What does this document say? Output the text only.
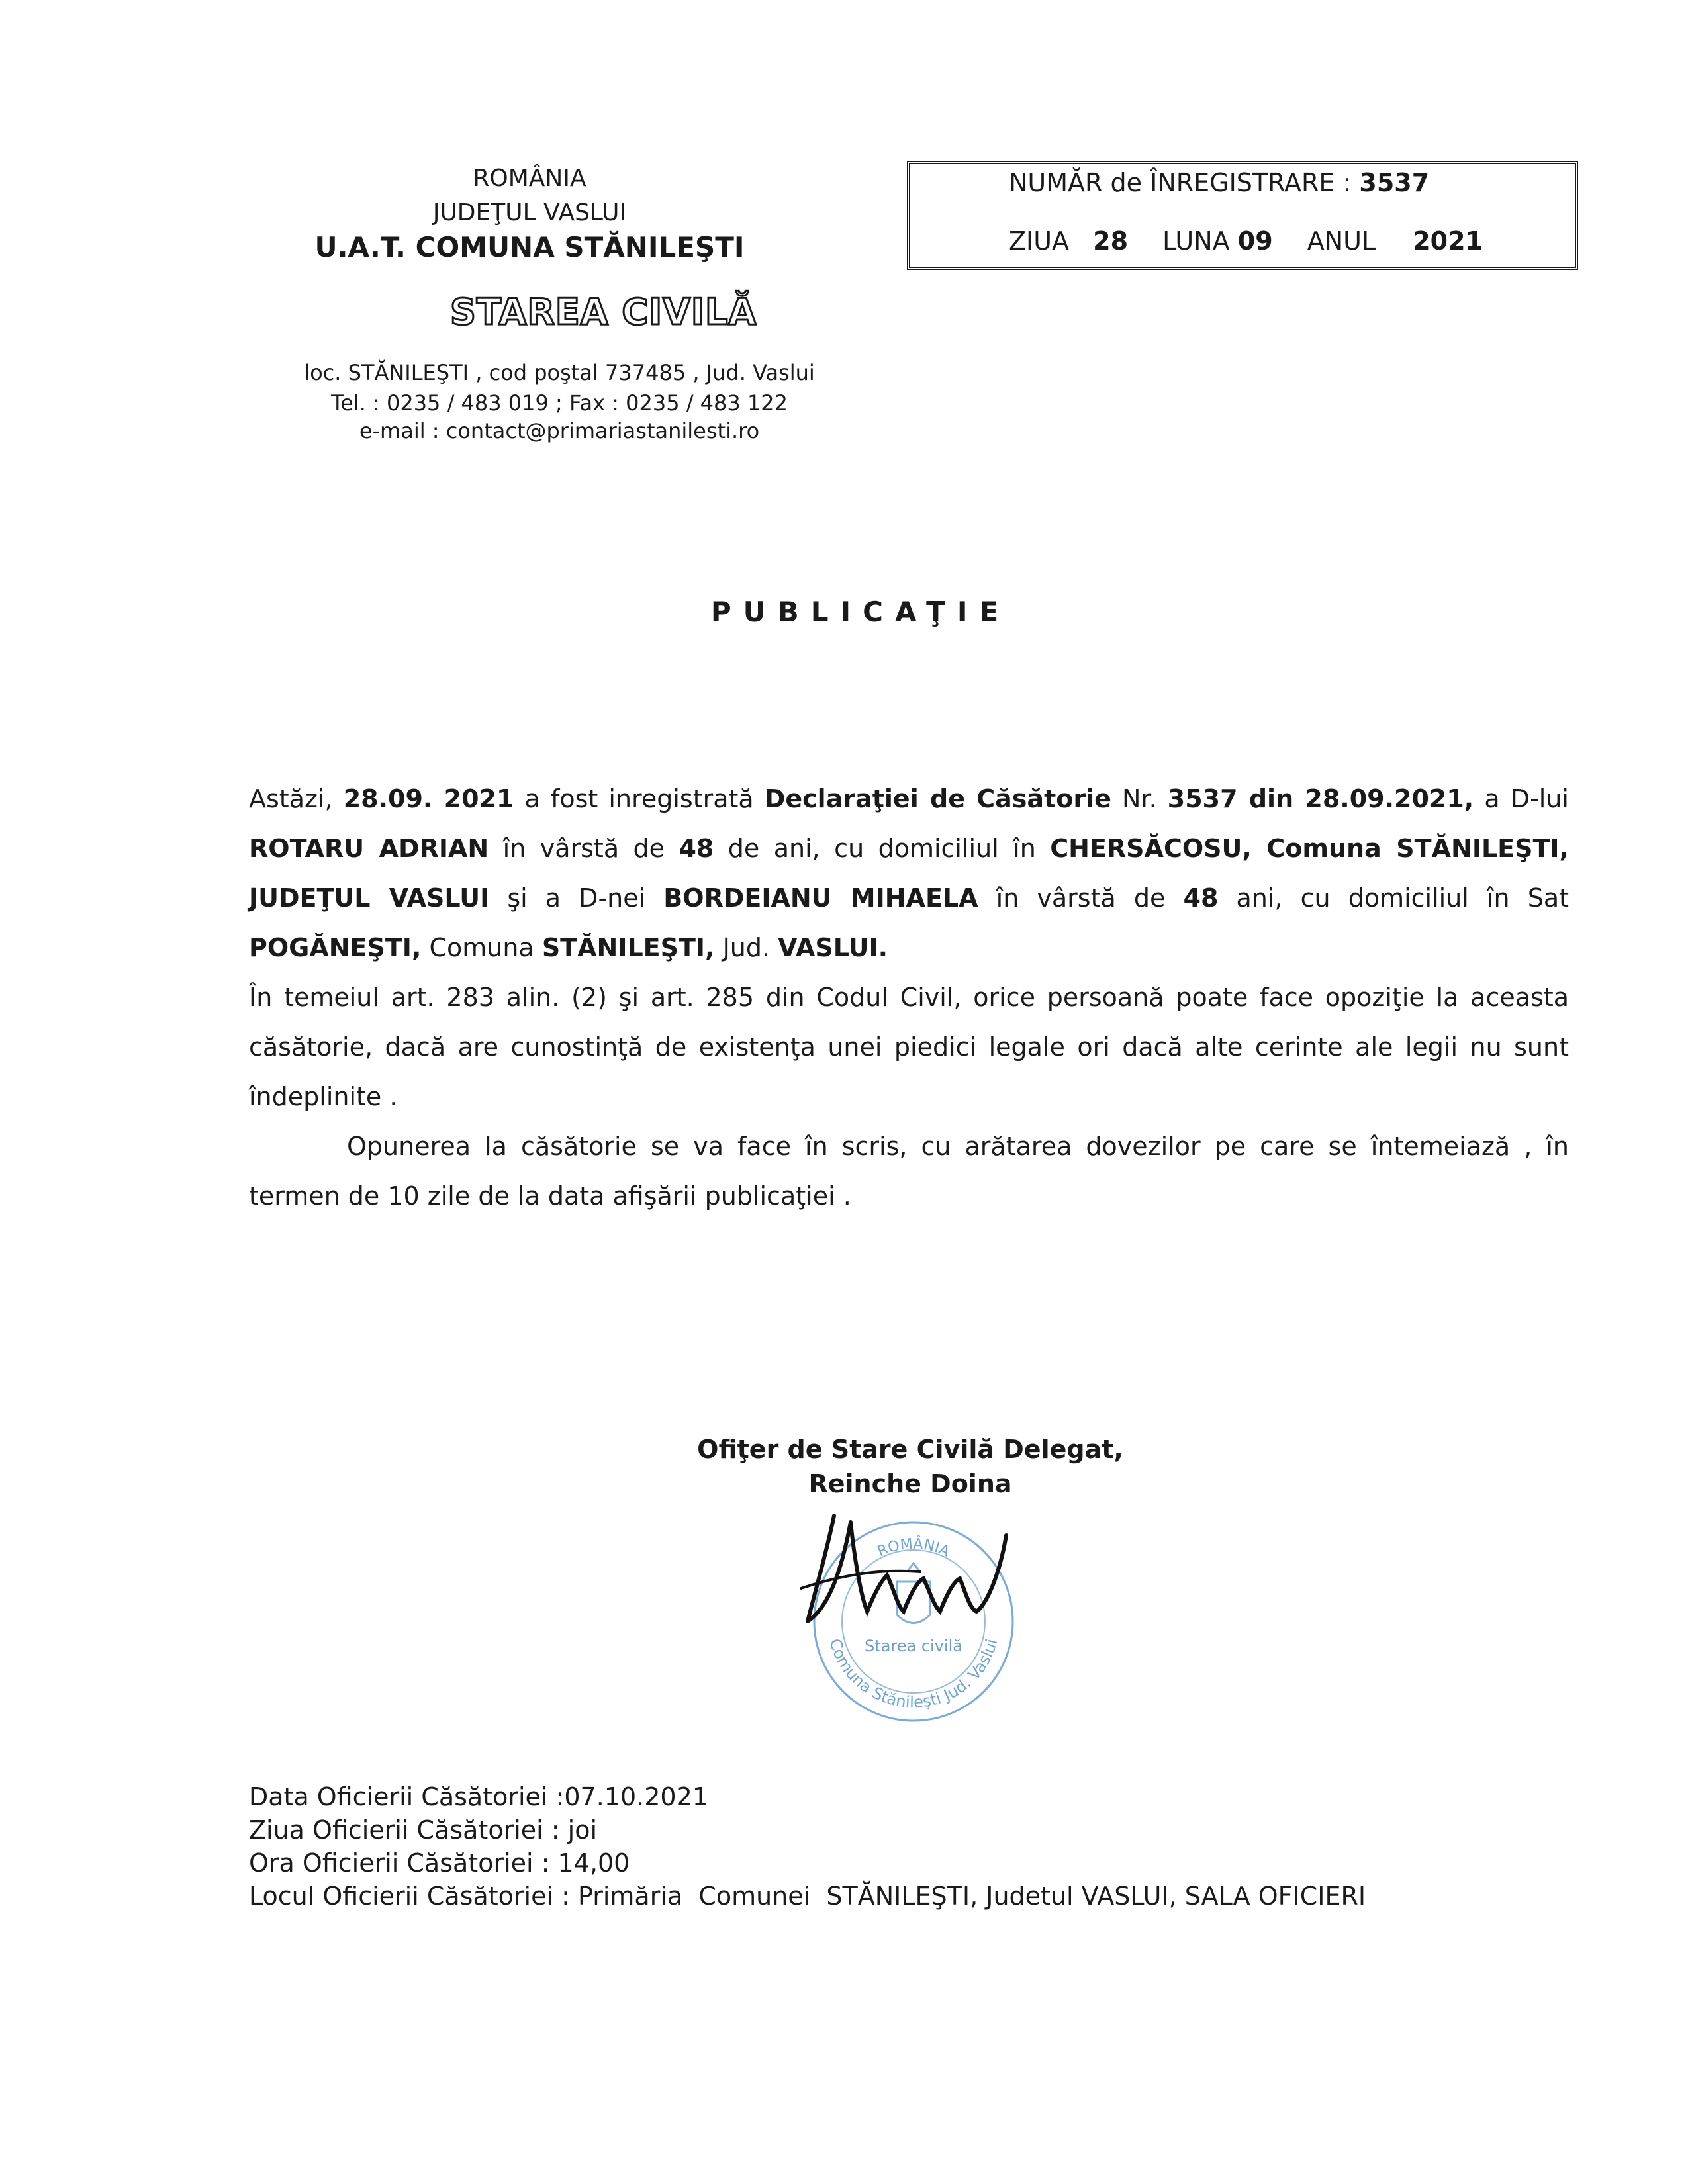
ROMÂNIA
JUDEŢUL VASLUI
U.A.T. COMUNA STĂNILEŞTI
STAREA CIVILĂ
loc. STĂNILEŞTI , cod poştal 737485 , Jud. Vaslui
Tel. : 0235 / 483 019 ; Fax : 0235 / 483 122
e-mail : contact@primariastanilesti.ro
NUMĂR de ÎNREGISTRARE : 3537
ZIUA 28 LUNA 09 ANUL 2021
PUBLICAŢIE
Astăzi, 28.09. 2021 a fost inregistrată Declaraţiei de Căsătorie Nr. 3537 din 28.09.2021, a D-lui ROTARU ADRIAN în vârstă de 48 de ani, cu domiciliul în CHERSĂCOSU, Comuna STĂNILEŞTI, JUDEŢUL VASLUI şi a D-nei BORDEIANU MIHAELA în vârstă de 48 ani, cu domiciliul în Sat POGĂNEŞTI, Comuna STĂNILEŞTI, Jud. VASLUI.
În temeiul art. 283 alin. (2) şi art. 285 din Codul Civil, orice persoană poate face opoziţie la aceasta căsătorie, dacă are cunostinţă de existenţa unei piedici legale ori dacă alte cerinte ale legii nu sunt îndeplinite .
Opunerea la căsătorie se va face în scris, cu arătarea dovezilor pe care se întemeiază , în termen de 10 zile de la data afişării publicaţiei .
Ofiţer de Stare Civilă Delegat,
Reinche Doina
ROMÂNIA
Comuna Stănileşti Jud. Vaslui
Starea civilă
Data Oficierii Căsătoriei :07.10.2021
Ziua Oficierii Căsătoriei : joi
Ora Oficierii Căsătoriei : 14,00
Locul Oficierii Căsătoriei : Primăria  Comunei  STĂNILEŞTI, Judetul VASLUI, SALA OFICIERI
